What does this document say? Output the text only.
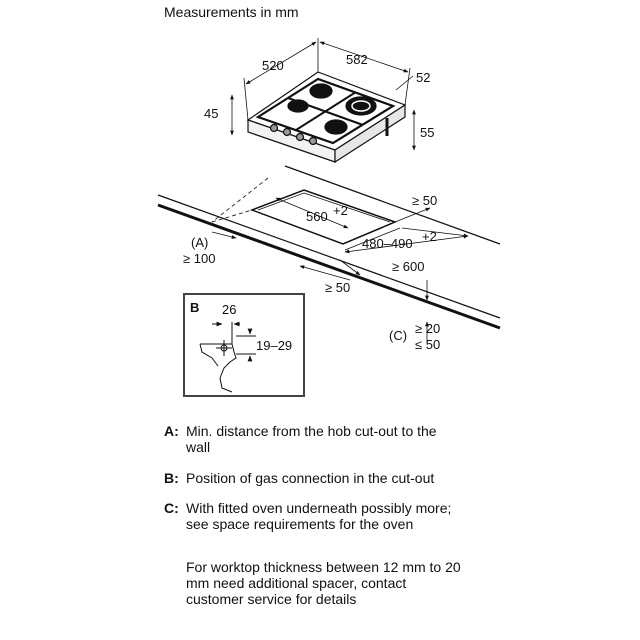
Measurements in mm
520	582
52
45
55
560 +2
480–490 +2
≥ 50
(A)
≥ 100
≥ 600
≥ 50
(C) ≥ 20
≤ 50
B 26
19–29
A: Min. distance from the hob cut-out to the wall
B: Position of gas connection in the cut-out
C: With fitted oven underneath possibly more; see space requirements for the oven
For worktop thickness between 12 mm to 20 mm need additional spacer, contact customer service for details
